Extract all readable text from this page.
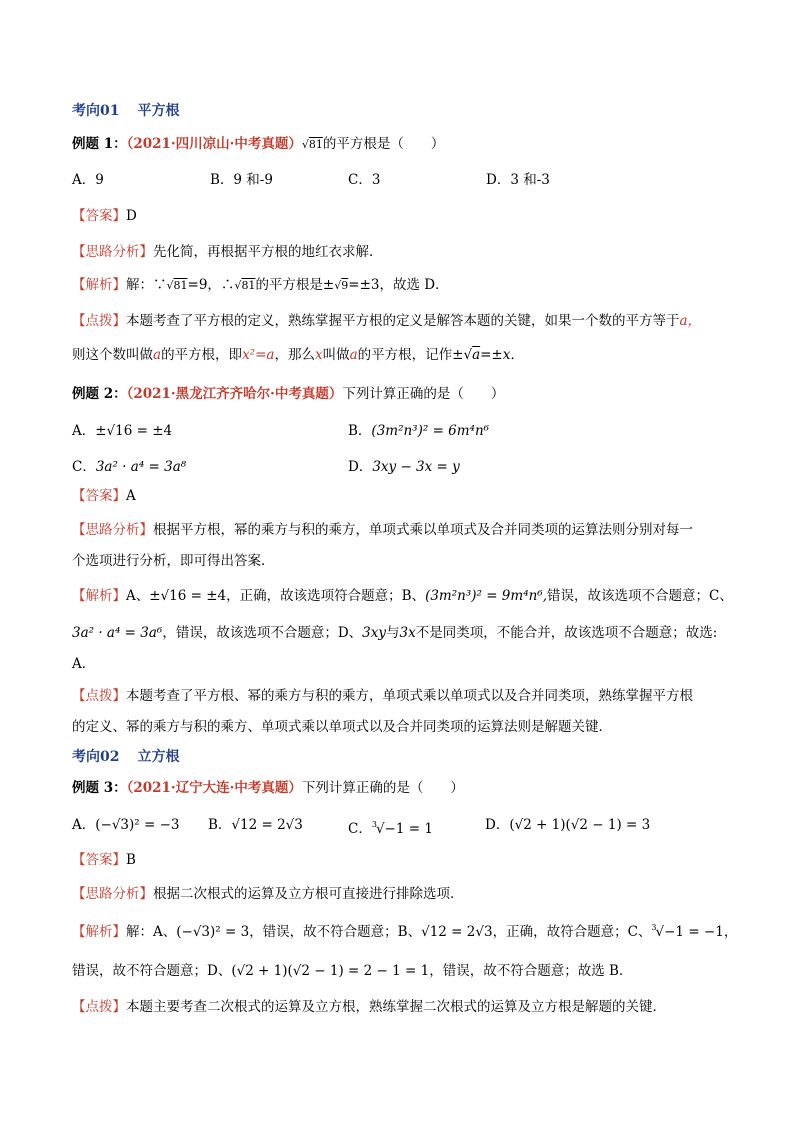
考向01 平方根
例题 1：（2021·四川凉山·中考真题）√81的平方根是（　　）
A．9	B．9 和-9	C．3	D．3 和-3
【答案】D
【思路分析】先化简，再根据平方根的地红衣求解．
【解析】解：∵√81=9，∴√81的平方根是±√9=±3，故选 D．
【点拨】本题考查了平方根的定义，熟练掌握平方根的定义是解答本题的关键，如果一个数的平方等于a，
则这个数叫做a的平方根，即x²=a，那么x叫做a的平方根，记作±√a=±x．
例题 2：（2021·黑龙江齐齐哈尔·中考真题）下列计算正确的是（　　）
A．±√16 = ±4	B．(3m²n³)² = 6m⁴n⁶
C．3a² · a⁴ = 3a⁸	D．3xy − 3x = y
【答案】A
【思路分析】根据平方根，幂的乘方与积的乘方，单项式乘以单项式及合并同类项的运算法则分别对每一
个选项进行分析，即可得出答案．
【解析】A、±√16 = ±4，正确，故该选项符合题意；B、(3m²n³)² = 9m⁴n⁶,错误，故该选项不合题意；C、
3a² · a⁴ = 3a⁶，错误，故该选项不合题意；D、3xy与3x不是同类项，不能合并，故该选项不合题意；故选:
A．
【点拨】本题考查了平方根、幂的乘方与积的乘方，单项式乘以单项式以及合并同类项，熟练掌握平方根
的定义、幂的乘方与积的乘方、单项式乘以单项式以及合并同类项的运算法则是解题关键．
考向02 立方根
例题 3：（2021·辽宁大连·中考真题）下列计算正确的是（　　）
A．(−√3)² = −3 B．√12 = 2√3	C．$^3$√−1 = 1	D．(√2 + 1)(√2 − 1) = 3
【答案】B
【思路分析】根据二次根式的运算及立方根可直接进行排除选项．
【解析】解：A、(−√3)² = 3，错误，故不符合题意；B、√12 = 2√3，正确，故符合题意；C、$^3$√−1 = −1，
错误，故不符合题意；D、(√2 + 1)(√2 − 1) = 2 − 1 = 1，错误，故不符合题意；故选 B．
【点拨】本题主要考查二次根式的运算及立方根，熟练掌握二次根式的运算及立方根是解题的关键．
